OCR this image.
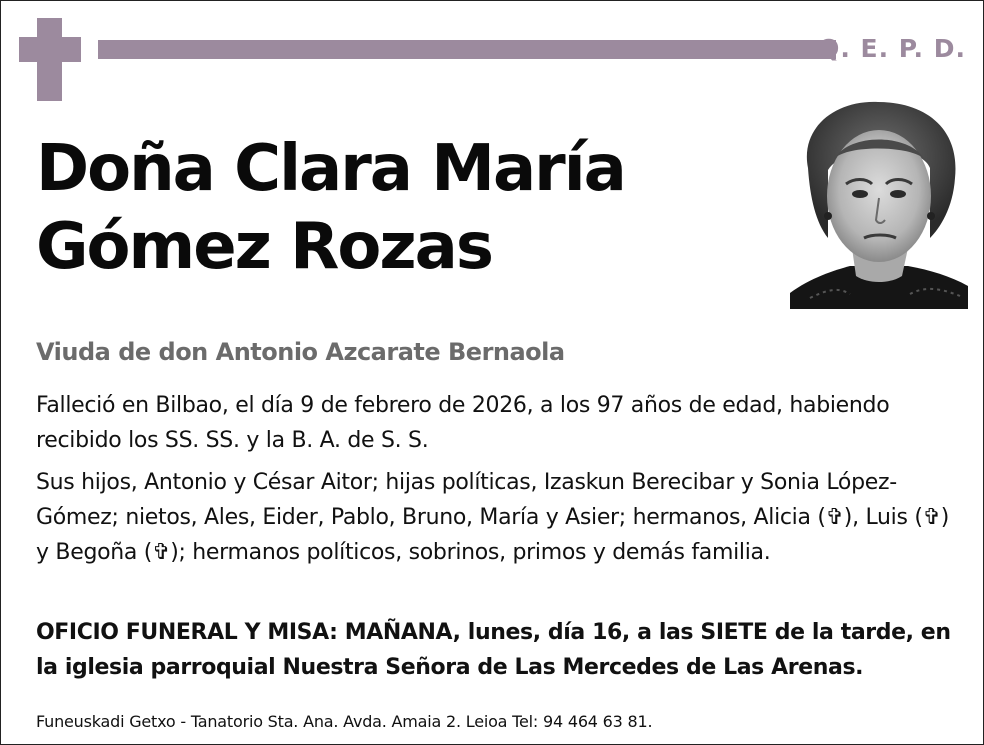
Q. E. P. D.
Doña Clara María
Gómez Rozas
Viuda de don Antonio Azcarate Bernaola
Falleció en Bilbao, el día 9 de febrero de 2026, a los 97 años de edad, habiendo recibido los SS. SS. y la B. A. de S. S.
Sus hijos, Antonio y César Aitor; hijas políticas, Izaskun Berecibar y Sonia López-Gómez; nietos, Ales, Eider, Pablo, Bruno, María y Asier; hermanos, Alicia (✞), Luis (✞) y Begoña (✞); hermanos políticos, sobrinos, primos y demás familia.
OFICIO FUNERAL Y MISA: MAÑANA, lunes, día 16, a las SIETE de la tarde, en la iglesia parroquial Nuestra Señora de Las Mercedes de Las Arenas.
Funeuskadi Getxo - Tanatorio Sta. Ana. Avda. Amaia 2. Leioa Tel: 94 464 63 81.
